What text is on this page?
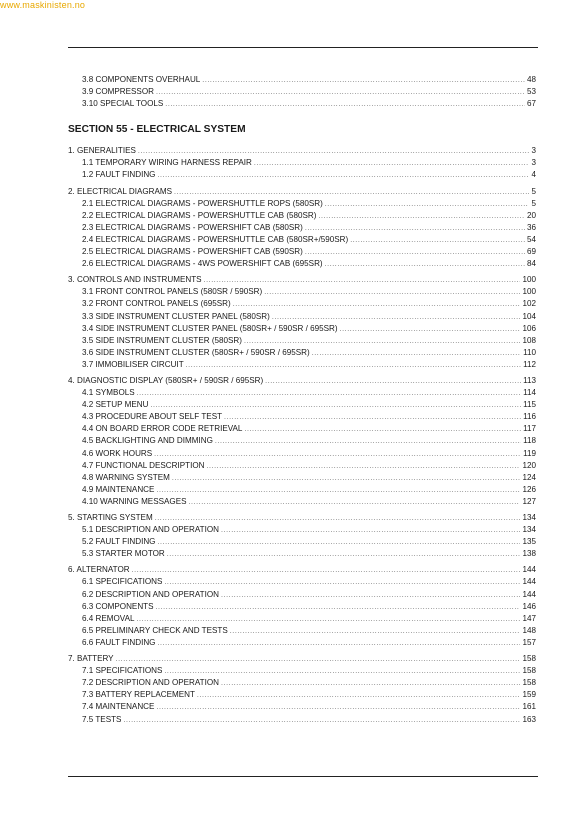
www.maskinisten.no
3.8 COMPONENTS OVERHAUL .....	48
3.9 COMPRESSOR .....	53
3.10 SPECIAL TOOLS .....	67
SECTION 55 - ELECTRICAL SYSTEM
1. GENERALITIES .....	3
1.1 TEMPORARY WIRING HARNESS REPAIR .....	3
1.2 FAULT FINDING .....	4
2. ELECTRICAL DIAGRAMS .....	5
2.1 ELECTRICAL DIAGRAMS - POWERSHUTTLE ROPS (580SR) .....	5
2.2 ELECTRICAL DIAGRAMS - POWERSHUTTLE CAB (580SR) .....	20
2.3 ELECTRICAL DIAGRAMS - POWERSHIFT CAB (580SR) .....	36
2.4 ELECTRICAL DIAGRAMS - POWERSHUTTLE CAB (580SR+/590SR) .....	54
2.5 ELECTRICAL DIAGRAMS - POWERSHIFT CAB (590SR) .....	69
2.6 ELECTRICAL DIAGRAMS - 4WS POWERSHIFT CAB (695SR) .....	84
3. CONTROLS AND INSTRUMENTS .....	100
3.1 FRONT CONTROL PANELS (580SR / 590SR) .....	100
3.2 FRONT CONTROL PANELS (695SR) .....	102
3.3 SIDE INSTRUMENT CLUSTER PANEL (580SR) .....	104
3.4 SIDE INSTRUMENT CLUSTER PANEL (580SR+ / 590SR / 695SR) .....	106
3.5 SIDE INSTRUMENT CLUSTER (580SR) .....	108
3.6 SIDE INSTRUMENT CLUSTER (580SR+ / 590SR / 695SR) .....	110
3.7 IMMOBILISER CIRCUIT .....	112
4. DIAGNOSTIC DISPLAY (580SR+ / 590SR / 695SR) .....	113
4.1 SYMBOLS .....	114
4.2 SETUP MENU .....	115
4.3 PROCEDURE ABOUT SELF TEST .....	116
4.4 ON BOARD ERROR CODE RETRIEVAL .....	117
4.5 BACKLIGHTING AND DIMMING .....	118
4.6 WORK HOURS .....	119
4.7 FUNCTIONAL DESCRIPTION .....	120
4.8 WARNING SYSTEM .....	124
4.9 MAINTENANCE .....	126
4.10 WARNING MESSAGES .....	127
5. STARTING SYSTEM .....	134
5.1 DESCRIPTION AND OPERATION .....	134
5.2 FAULT FINDING .....	135
5.3 STARTER MOTOR .....	138
6. ALTERNATOR .....	144
6.1 SPECIFICATIONS .....	144
6.2 DESCRIPTION AND OPERATION .....	144
6.3 COMPONENTS .....	146
6.4 REMOVAL .....	147
6.5 PRELIMINARY CHECK AND TESTS .....	148
6.6 FAULT FINDING .....	157
7. BATTERY .....	158
7.1 SPECIFICATIONS .....	158
7.2 DESCRIPTION AND OPERATION .....	158
7.3 BATTERY REPLACEMENT .....	159
7.4 MAINTENANCE .....	161
7.5 TESTS .....	163
